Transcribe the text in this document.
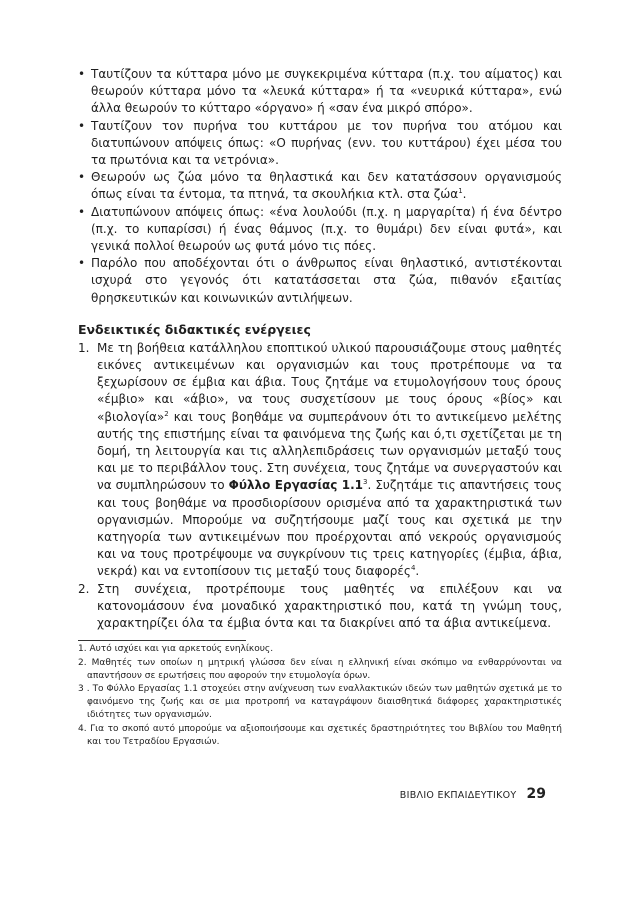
• Ταυτίζουν τα κύτταρα μόνο με συγκεκριμένα κύτταρα (π.χ. του αίματος) και θεωρούν κύτταρα μόνο τα «λευκά κύτταρα» ή τα «νευρικά κύτταρα», ενώ άλλα θεωρούν το κύτταρο «όργανο» ή «σαν ένα μικρό σπόρο».
• Ταυτίζουν τον πυρήνα του κυττάρου με τον πυρήνα του ατόμου και διατυπώνουν απόψεις όπως: «Ο πυρήνας (ενν. του κυττάρου) έχει μέσα του τα πρωτόνια και τα νετρόνια».
• Θεωρούν ως ζώα μόνο τα θηλαστικά και δεν κατατάσσουν οργανισμούς όπως είναι τα έντομα, τα πτηνά, τα σκουλήκια κτλ. στα ζώα$^1$.
• Διατυπώνουν απόψεις όπως: «ένα λουλούδι (π.χ. η μαργαρίτα) ή ένα δέντρο (π.χ. το κυπαρίσσι) ή ένας θάμνος (π.χ. το θυμάρι) δεν είναι φυτά», και γενικά πολλοί θεωρούν ως φυτά μόνο τις πόες.
• Παρόλο που αποδέχονται ότι ο άνθρωπος είναι θηλαστικό, αντιστέκονται ισχυρά στο γεγονός ότι κατατάσσεται στα ζώα, πιθανόν εξαιτίας θρησκευτικών και κοινωνικών αντιλήψεων.
Ενδεικτικές διδακτικές ενέργειες
1. Με τη βοήθεια κατάλληλου εποπτικού υλικού παρουσιάζουμε στους μαθητές εικόνες αντικειμένων και οργανισμών και τους προτρέπουμε να τα ξεχωρίσουν σε έμβια και άβια. Τους ζητάμε να ετυμολογήσουν τους όρους «έμβιο» και «άβιο», να τους συσχετίσουν με τους όρους «βίος» και «βιολογία»$^2$ και τους βοηθάμε να συμπεράνουν ότι το αντικείμενο μελέτης αυτής της επιστήμης είναι τα φαινόμενα της ζωής και ό,τι σχετίζεται με τη δομή, τη λειτουργία και τις αλληλεπιδράσεις των οργανισμών μεταξύ τους και με το περιβάλλον τους. Στη συνέχεια, τους ζητάμε να συνεργαστούν και να συμπληρώσουν το Φύλλο Εργασίας $1.1^3$. Συζητάμε τις απαντήσεις τους και τους βοηθάμε να προσδιορίσουν ορισμένα από τα χαρακτηριστικά των οργανισμών. Μπορούμε να συζητήσουμε μαζί τους και σχετικά με την κατηγορία των αντικειμένων που προέρχονται από νεκρούς οργανισμούς και να τους προτρέψουμε να συγκρίνουν τις τρεις κατηγορίες (έμβια, άβια, νεκρά) και να εντοπίσουν τις μεταξύ τους διαφορές$^4$.
2. Στη συνέχεια, προτρέπουμε τους μαθητές να επιλέξουν και να κατονομάσουν ένα μοναδικό χαρακτηριστικό που, κατά τη γνώμη τους, χαρακτηρίζει όλα τα έμβια όντα και τα διακρίνει από τα άβια αντικείμενα.

1. Αυτό ισχύει και για αρκετούς ενηλίκους.

2. Μαθητές των οποίων η μητρική γλώσσα δεν είναι η ελληνική είναι σκόπιμο να ενθαρρύνονται να απαντήσουν σε ερωτήσεις που αφορούν την ετυμολογία όρων.

3 . Το Φύλλο Εργασίας 1.1 στοχεύει στην ανίχνευση των εναλλακτικών ιδεών των μαθητών σχετικά με το φαινόμενο της ζωής και σε μια προτροπή να καταγράψουν διαισθητικά διάφορες χαρακτηριστικές ιδιότητες των οργανισμών.

4. Για το σκοπό αυτό μπορούμε να αξιοποιήσουμε και σχετικές δραστηριότητες του Βιβλίου του Μαθητή και του Τετραδίου Εργασιών.

ΒΙΒΛΙΟ ΕΚΠΑΙΔΕΥΤΙΚΟΥ 29
